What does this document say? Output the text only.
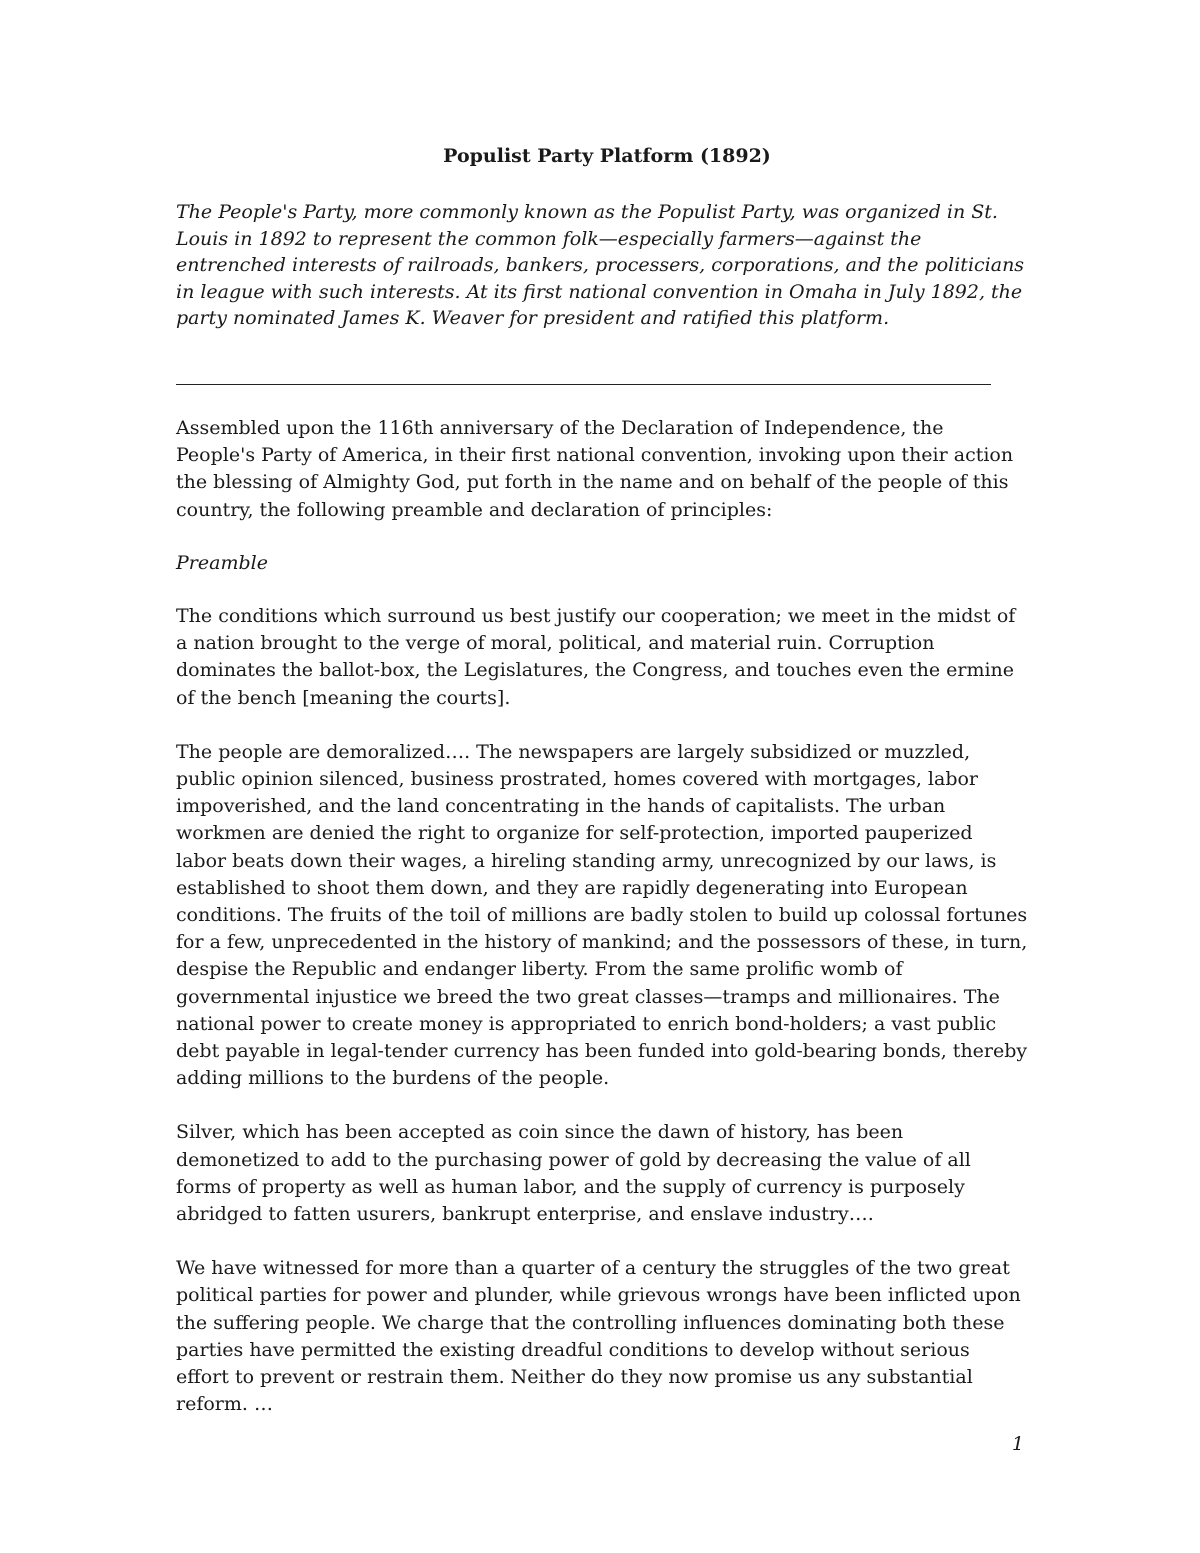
Populist Party Platform (1892)

The People's Party, more commonly known as the Populist Party, was organized in St. Louis in 1892 to represent the common folk—especially farmers—against the entrenched interests of railroads, bankers, processers, corporations, and the politicians in league with such interests. At its first national convention in Omaha in July 1892, the party nominated James K. Weaver for president and ratified this platform.

Assembled upon the 116th anniversary of the Declaration of Independence, the People's Party of America, in their first national convention, invoking upon their action the blessing of Almighty God, put forth in the name and on behalf of the people of this country, the following preamble and declaration of principles:

Preamble

The conditions which surround us best justify our cooperation; we meet in the midst of a nation brought to the verge of moral, political, and material ruin. Corruption dominates the ballot-box, the Legislatures, the Congress, and touches even the ermine of the bench [meaning the courts].

The people are demoralized…. The newspapers are largely subsidized or muzzled, public opinion silenced, business prostrated, homes covered with mortgages, labor impoverished, and the land concentrating in the hands of capitalists. The urban workmen are denied the right to organize for self-protection, imported pauperized labor beats down their wages, a hireling standing army, unrecognized by our laws, is established to shoot them down, and they are rapidly degenerating into European conditions. The fruits of the toil of millions are badly stolen to build up colossal fortunes for a few, unprecedented in the history of mankind; and the possessors of these, in turn, despise the Republic and endanger liberty. From the same prolific womb of governmental injustice we breed the two great classes—tramps and millionaires. The national power to create money is appropriated to enrich bond-holders; a vast public debt payable in legal-tender currency has been funded into gold-bearing bonds, thereby adding millions to the burdens of the people.

Silver, which has been accepted as coin since the dawn of history, has been demonetized to add to the purchasing power of gold by decreasing the value of all forms of property as well as human labor, and the supply of currency is purposely abridged to fatten usurers, bankrupt enterprise, and enslave industry….

We have witnessed for more than a quarter of a century the struggles of the two great political parties for power and plunder, while grievous wrongs have been inflicted upon the suffering people. We charge that the controlling influences dominating both these parties have permitted the existing dreadful conditions to develop without serious effort to prevent or restrain them. Neither do they now promise us any substantial reform. …

1
